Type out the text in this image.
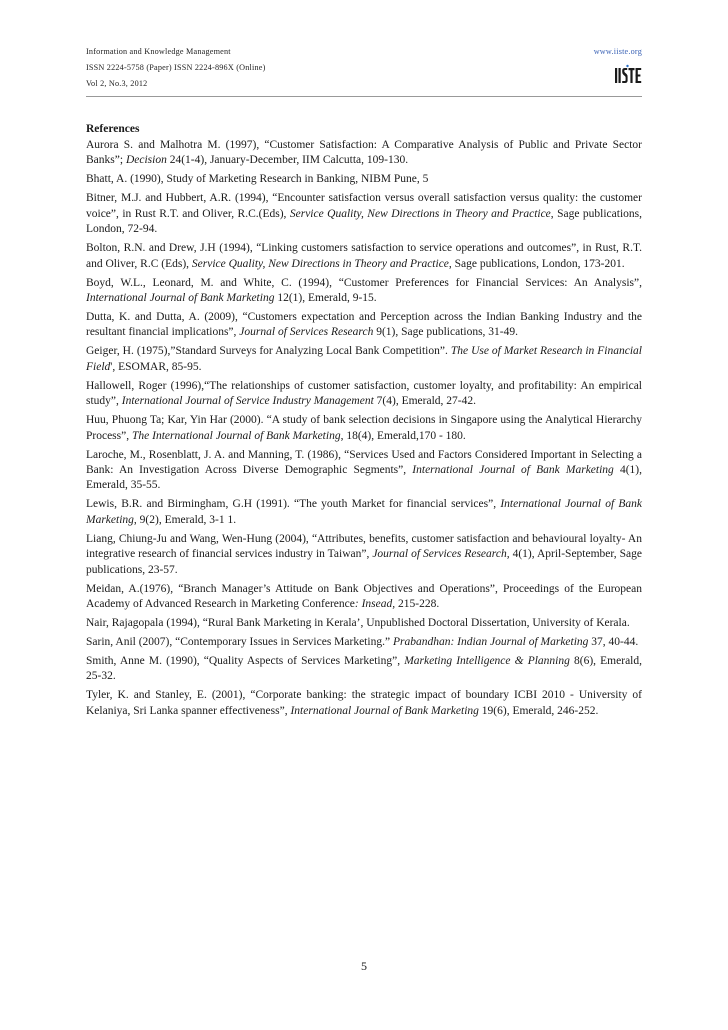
Information and Knowledge Management
ISSN 2224-5758 (Paper) ISSN 2224-896X (Online)
Vol 2, No.3, 2012
www.iiste.org
References
Aurora S. and Malhotra M. (1997), “Customer Satisfaction: A Comparative Analysis of Public and Private Sector Banks”; Decision 24(1-4), January-December, IIM Calcutta, 109-130.
Bhatt, A. (1990), Study of Marketing Research in Banking, NIBM Pune, 5
Bitner, M.J. and Hubbert, A.R. (1994), “Encounter satisfaction versus overall satisfaction versus quality: the customer voice”, in Rust R.T. and Oliver, R.C.(Eds), Service Quality, New Directions in Theory and Practice, Sage publications, London, 72-94.
Bolton, R.N. and Drew, J.H (1994), “Linking customers satisfaction to service operations and outcomes”, in Rust, R.T. and Oliver, R.C (Eds), Service Quality, New Directions in Theory and Practice, Sage publications, London, 173-201.
Boyd, W.L., Leonard, M. and White, C. (1994), “Customer Preferences for Financial Services: An Analysis”, International Journal of Bank Marketing 12(1), Emerald, 9-15.
Dutta, K. and Dutta, A. (2009), “Customers expectation and Perception across the Indian Banking Industry and the resultant financial implications”, Journal of Services Research 9(1), Sage publications, 31-49.
Geiger, H. (1975),”Standard Surveys for Analyzing Local Bank Competition”. The Use of Market Research in Financial Field', ESOMAR, 85-95.
Hallowell, Roger (1996),“The relationships of customer satisfaction, customer loyalty, and profitability: An empirical study”, International Journal of Service Industry Management 7(4), Emerald, 27-42.
Huu, Phuong Ta; Kar, Yin Har (2000). “A study of bank selection decisions in Singapore using the Analytical Hierarchy Process”, The International Journal of Bank Marketing, 18(4), Emerald,170 - 180.
Laroche, M., Rosenblatt, J. A. and Manning, T. (1986), “Services Used and Factors Considered Important in Selecting a Bank: An Investigation Across Diverse Demographic Segments”, International Journal of Bank Marketing 4(1), Emerald, 35-55.
Lewis, B.R. and Birmingham, G.H (1991). “The youth Market for financial services”, International Journal of Bank Marketing, 9(2), Emerald, 3-1 1.
Liang, Chiung-Ju and Wang, Wen-Hung (2004), “Attributes, benefits, customer satisfaction and behavioural loyalty- An integrative research of financial services industry in Taiwan”, Journal of Services Research, 4(1), April-September, Sage publications, 23-57.
Meidan, A.(1976), “Branch Manager’s Attitude on Bank Objectives and Operations”, Proceedings of the European Academy of Advanced Research in Marketing Conference: Insead, 215-228.
Nair, Rajagopala (1994), “Rural Bank Marketing in Kerala’, Unpublished Doctoral Dissertation, University of Kerala.
Sarin, Anil (2007), “Contemporary Issues in Services Marketing.” Prabandhan: Indian Journal of Marketing 37, 40-44.
Smith, Anne M. (1990), “Quality Aspects of Services Marketing”, Marketing Intelligence & Planning 8(6), Emerald, 25-32.
Tyler, K. and Stanley, E. (2001), “Corporate banking: the strategic impact of boundary ICBI 2010 - University of Kelaniya, Sri Lanka spanner effectiveness”, International Journal of Bank Marketing 19(6), Emerald, 246-252.
5
